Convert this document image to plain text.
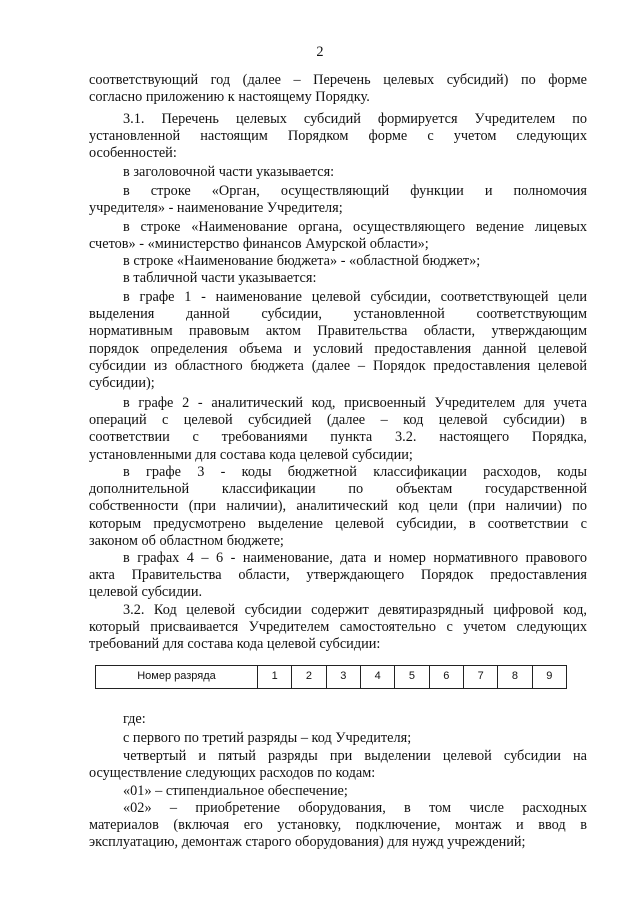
2
соответствующий год (далее – Перечень целевых субсидий) по форме
согласно приложению к настоящему Порядку.
3.1. Перечень целевых субсидий формируется Учредителем по
установленной настоящим Порядком форме с учетом следующих
особенностей:
в заголовочной части указывается:
в строке «Орган, осуществляющий функции и полномочия
учредителя» - наименование Учредителя;
в строке «Наименование органа, осуществляющего ведение лицевых
счетов» - «министерство финансов Амурской области»;
в строке «Наименование бюджета» - «областной бюджет»;
в табличной части указывается:
в графе 1 - наименование целевой субсидии, соответствующей цели
выделения данной субсидии, установленной соответствующим
нормативным правовым актом Правительства области, утверждающим
порядок определения объема и условий предоставления данной целевой
субсидии из областного бюджета (далее – Порядок предоставления целевой
субсидии);
в графе 2 - аналитический код, присвоенный Учредителем для учета
операций с целевой субсидией (далее – код целевой субсидии) в
соответствии с требованиями пункта 3.2. настоящего Порядка,
установленными для состава кода целевой субсидии;
в графе 3 - коды бюджетной классификации расходов, коды
дополнительной классификации по объектам государственной
собственности (при наличии), аналитический код цели (при наличии) по
которым предусмотрено выделение целевой субсидии, в соответствии с
законом об областном бюджете;
в графах 4 – 6 - наименование, дата и номер нормативного правового
акта Правительства области, утверждающего Порядок предоставления
целевой субсидии.
3.2. Код целевой субсидии содержит девятиразрядный цифровой код,
который присваивается Учредителем самостоятельно с учетом следующих
требований для состава кода целевой субсидии:
Номер разряда	1	2	3	4	5	6	7	8	9
где:
с первого по третий разряды – код Учредителя;
четвертый и пятый разряды при выделении целевой субсидии на
осуществление следующих расходов по кодам:
«01» – стипендиальное обеспечение;
«02» – приобретение оборудования, в том числе расходных
материалов (включая его установку, подключение, монтаж и ввод в
эксплуатацию, демонтаж старого оборудования) для нужд учреждений;
